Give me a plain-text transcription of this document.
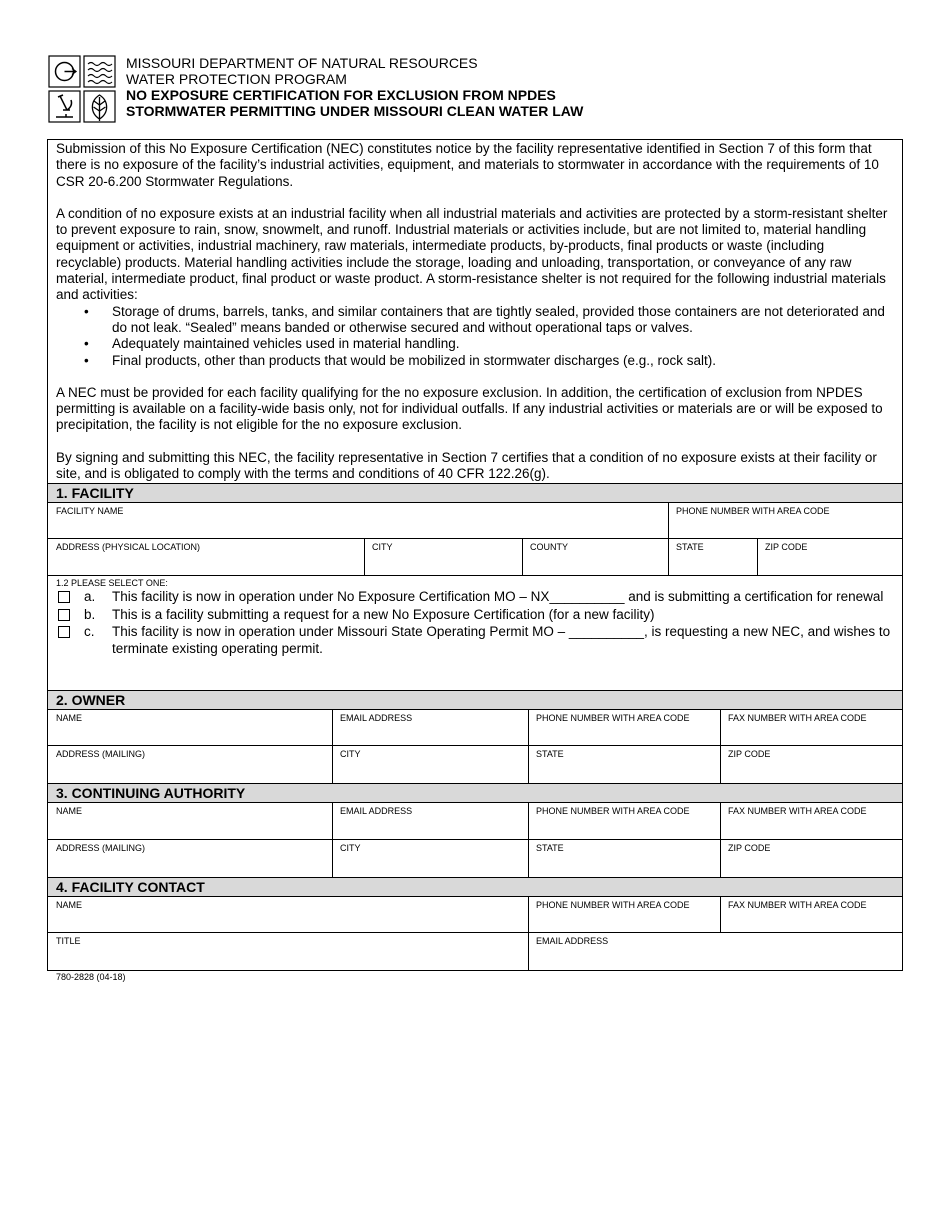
MISSOURI DEPARTMENT OF NATURAL RESOURCES
WATER PROTECTION PROGRAM
NO EXPOSURE CERTIFICATION FOR EXCLUSION FROM NPDES
STORMWATER PERMITTING UNDER MISSOURI CLEAN WATER LAW

Submission of this No Exposure Certification (NEC) constitutes notice by the facility representative identified in Section 7 of this form that there is no exposure of the facility’s industrial activities, equipment, and materials to stormwater in accordance with the requirements of 10 CSR 20-6.200 Stormwater Regulations.

A condition of no exposure exists at an industrial facility when all industrial materials and activities are protected by a storm-resistant shelter to prevent exposure to rain, snow, snowmelt, and runoff. Industrial materials or activities include, but are not limited to, material handling equipment or activities, industrial machinery, raw materials, intermediate products, by-products, final products or waste (including recyclable) products. Material handling activities include the storage, loading and unloading, transportation, or conveyance of any raw material, intermediate product, final product or waste product. A storm-resistance shelter is not required for the following industrial materials and activities:

• Storage of drums, barrels, tanks, and similar containers that are tightly sealed, provided those containers are not deteriorated and do not leak. “Sealed” means banded or otherwise secured and without operational taps or valves.
• Adequately maintained vehicles used in material handling.
• Final products, other than products that would be mobilized in stormwater discharges (e.g., rock salt).

A NEC must be provided for each facility qualifying for the no exposure exclusion. In addition, the certification of exclusion from NPDES permitting is available on a facility-wide basis only, not for individual outfalls. If any industrial activities or materials are or will be exposed to precipitation, the facility is not eligible for the no exposure exclusion.

By signing and submitting this NEC, the facility representative in Section 7 certifies that a condition of no exposure exists at their facility or site, and is obligated to comply with the terms and conditions of 40 CFR 122.26(g).

1. FACILITY
FACILITY NAME	PHONE NUMBER WITH AREA CODE
ADDRESS (PHYSICAL LOCATION)	CITY	COUNTY	STATE	ZIP CODE
1.2 PLEASE SELECT ONE:
a.	This facility is now in operation under No Exposure Certification MO – NX__________ and is submitting a certification for renewal
b.	This is a facility submitting a request for a new No Exposure Certification (for a new facility)
c.	This facility is now in operation under Missouri State Operating Permit MO – __________, is requesting a new NEC, and wishes to terminate existing operating permit.
2. OWNER
NAME	EMAIL ADDRESS	PHONE NUMBER WITH AREA CODE	FAX NUMBER WITH AREA CODE
ADDRESS (MAILING)	CITY	STATE	ZIP CODE
3. CONTINUING AUTHORITY
NAME	EMAIL ADDRESS	PHONE NUMBER WITH AREA CODE	FAX NUMBER WITH AREA CODE
ADDRESS (MAILING)	CITY	STATE	ZIP CODE
4. FACILITY CONTACT
NAME	PHONE NUMBER WITH AREA CODE	FAX NUMBER WITH AREA CODE
TITLE	EMAIL ADDRESS
780-2828 (04-18)
